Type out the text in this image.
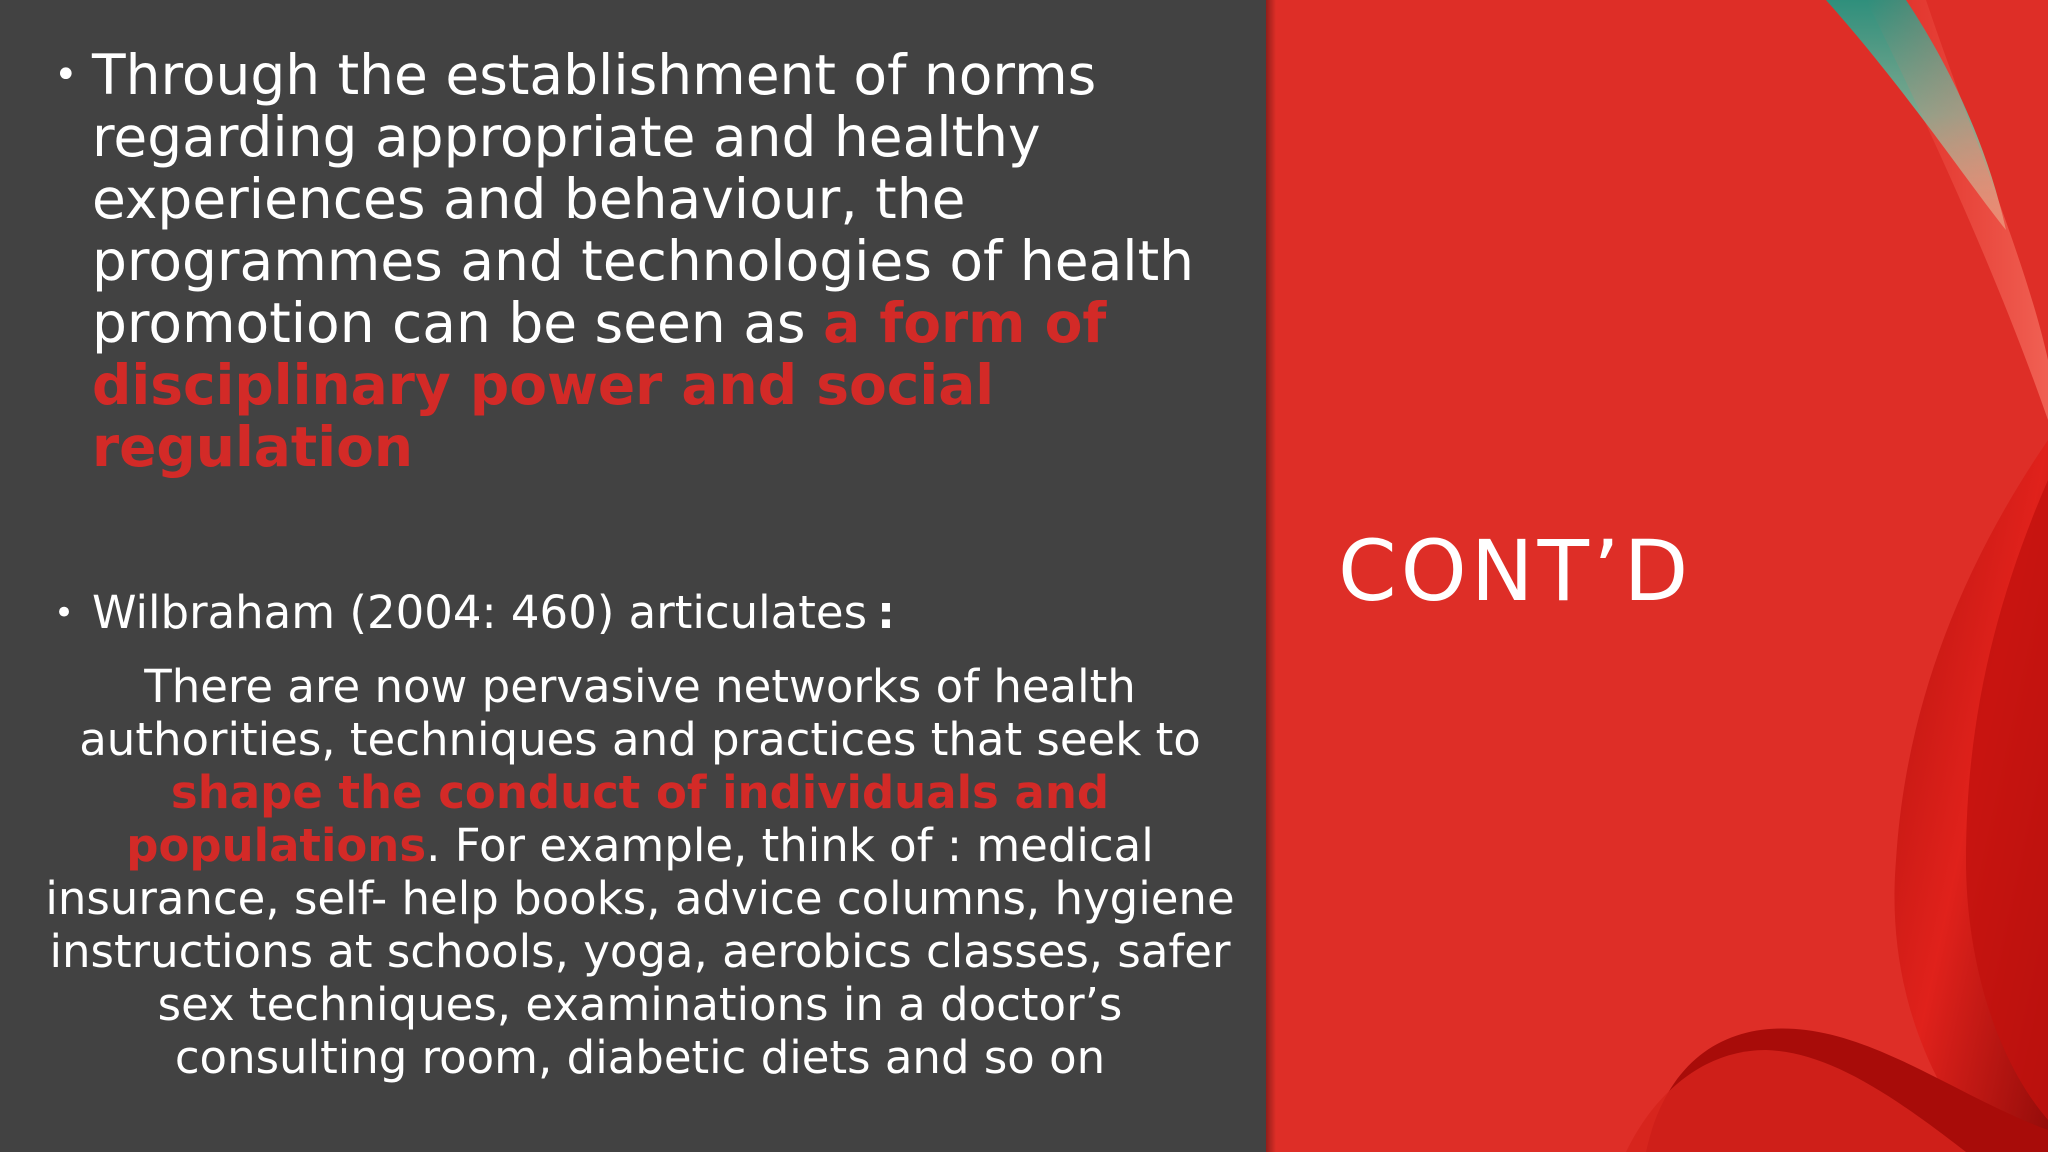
• Through the establishment of norms regarding appropriate and healthy experiences and behaviour, the programmes and technologies of health promotion can be seen as a form of disciplinary power and social regulation
• Wilbraham (2004: 460) articulates :
There are now pervasive networks of health authorities, techniques and practices that seek to shape the conduct of individuals and populations. For example, think of : medical insurance, self- help books, advice columns, hygiene instructions at schools, yoga, aerobics classes, safer sex techniques, examinations in a doctor’s consulting room, diabetic diets and so on
CONT’D
